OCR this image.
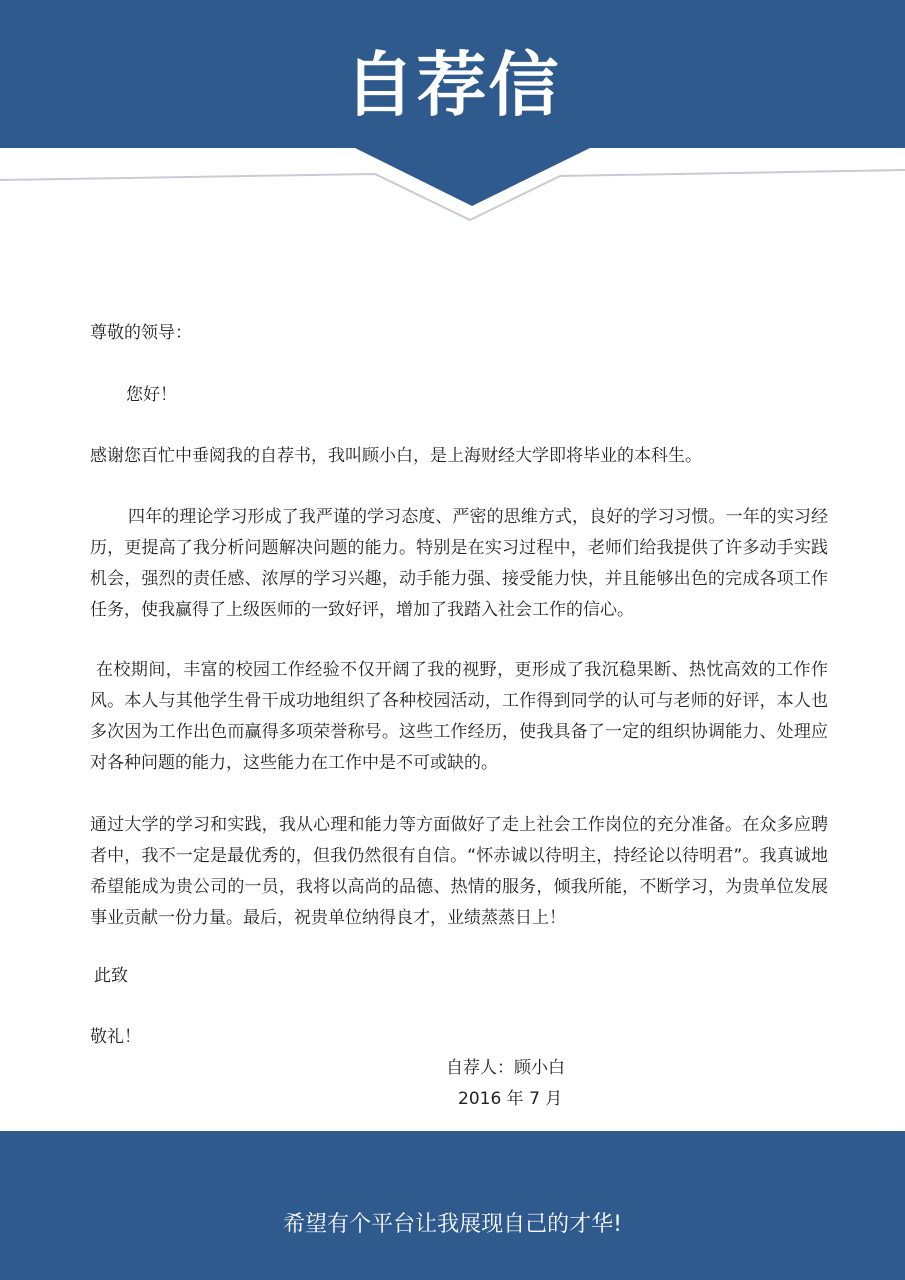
自荐信
尊敬的领导：
您好！
感谢您百忙中垂阅我的自荐书，我叫顾小白，是上海财经大学即将毕业的本科生。
四年的理论学习形成了我严谨的学习态度、严密的思维方式，良好的学习习惯。一年的实习经历，更提高了我分析问题解决问题的能力。特别是在实习过程中，老师们给我提供了许多动手实践机会，强烈的责任感、浓厚的学习兴趣，动手能力强、接受能力快，并且能够出色的完成各项工作任务，使我赢得了上级医师的一致好评，增加了我踏入社会工作的信心。
在校期间，丰富的校园工作经验不仅开阔了我的视野，更形成了我沉稳果断、热忱高效的工作作风。本人与其他学生骨干成功地组织了各种校园活动，工作得到同学的认可与老师的好评，本人也多次因为工作出色而赢得多项荣誉称号。这些工作经历，使我具备了一定的组织协调能力、处理应对各种问题的能力，这些能力在工作中是不可或缺的。
通过大学的学习和实践，我从心理和能力等方面做好了走上社会工作岗位的充分准备。在众多应聘者中，我不一定是最优秀的，但我仍然很有自信。“怀赤诚以待明主，持经论以待明君”。我真诚地希望能成为贵公司的一员，我将以高尚的品德、热情的服务，倾我所能，不断学习，为贵单位发展事业贡献一份力量。最后，祝贵单位纳得良才，业绩蒸蒸日上！
此致
敬礼！
自荐人：顾小白
2016 年 7 月
希望有个平台让我展现自己的才华!
